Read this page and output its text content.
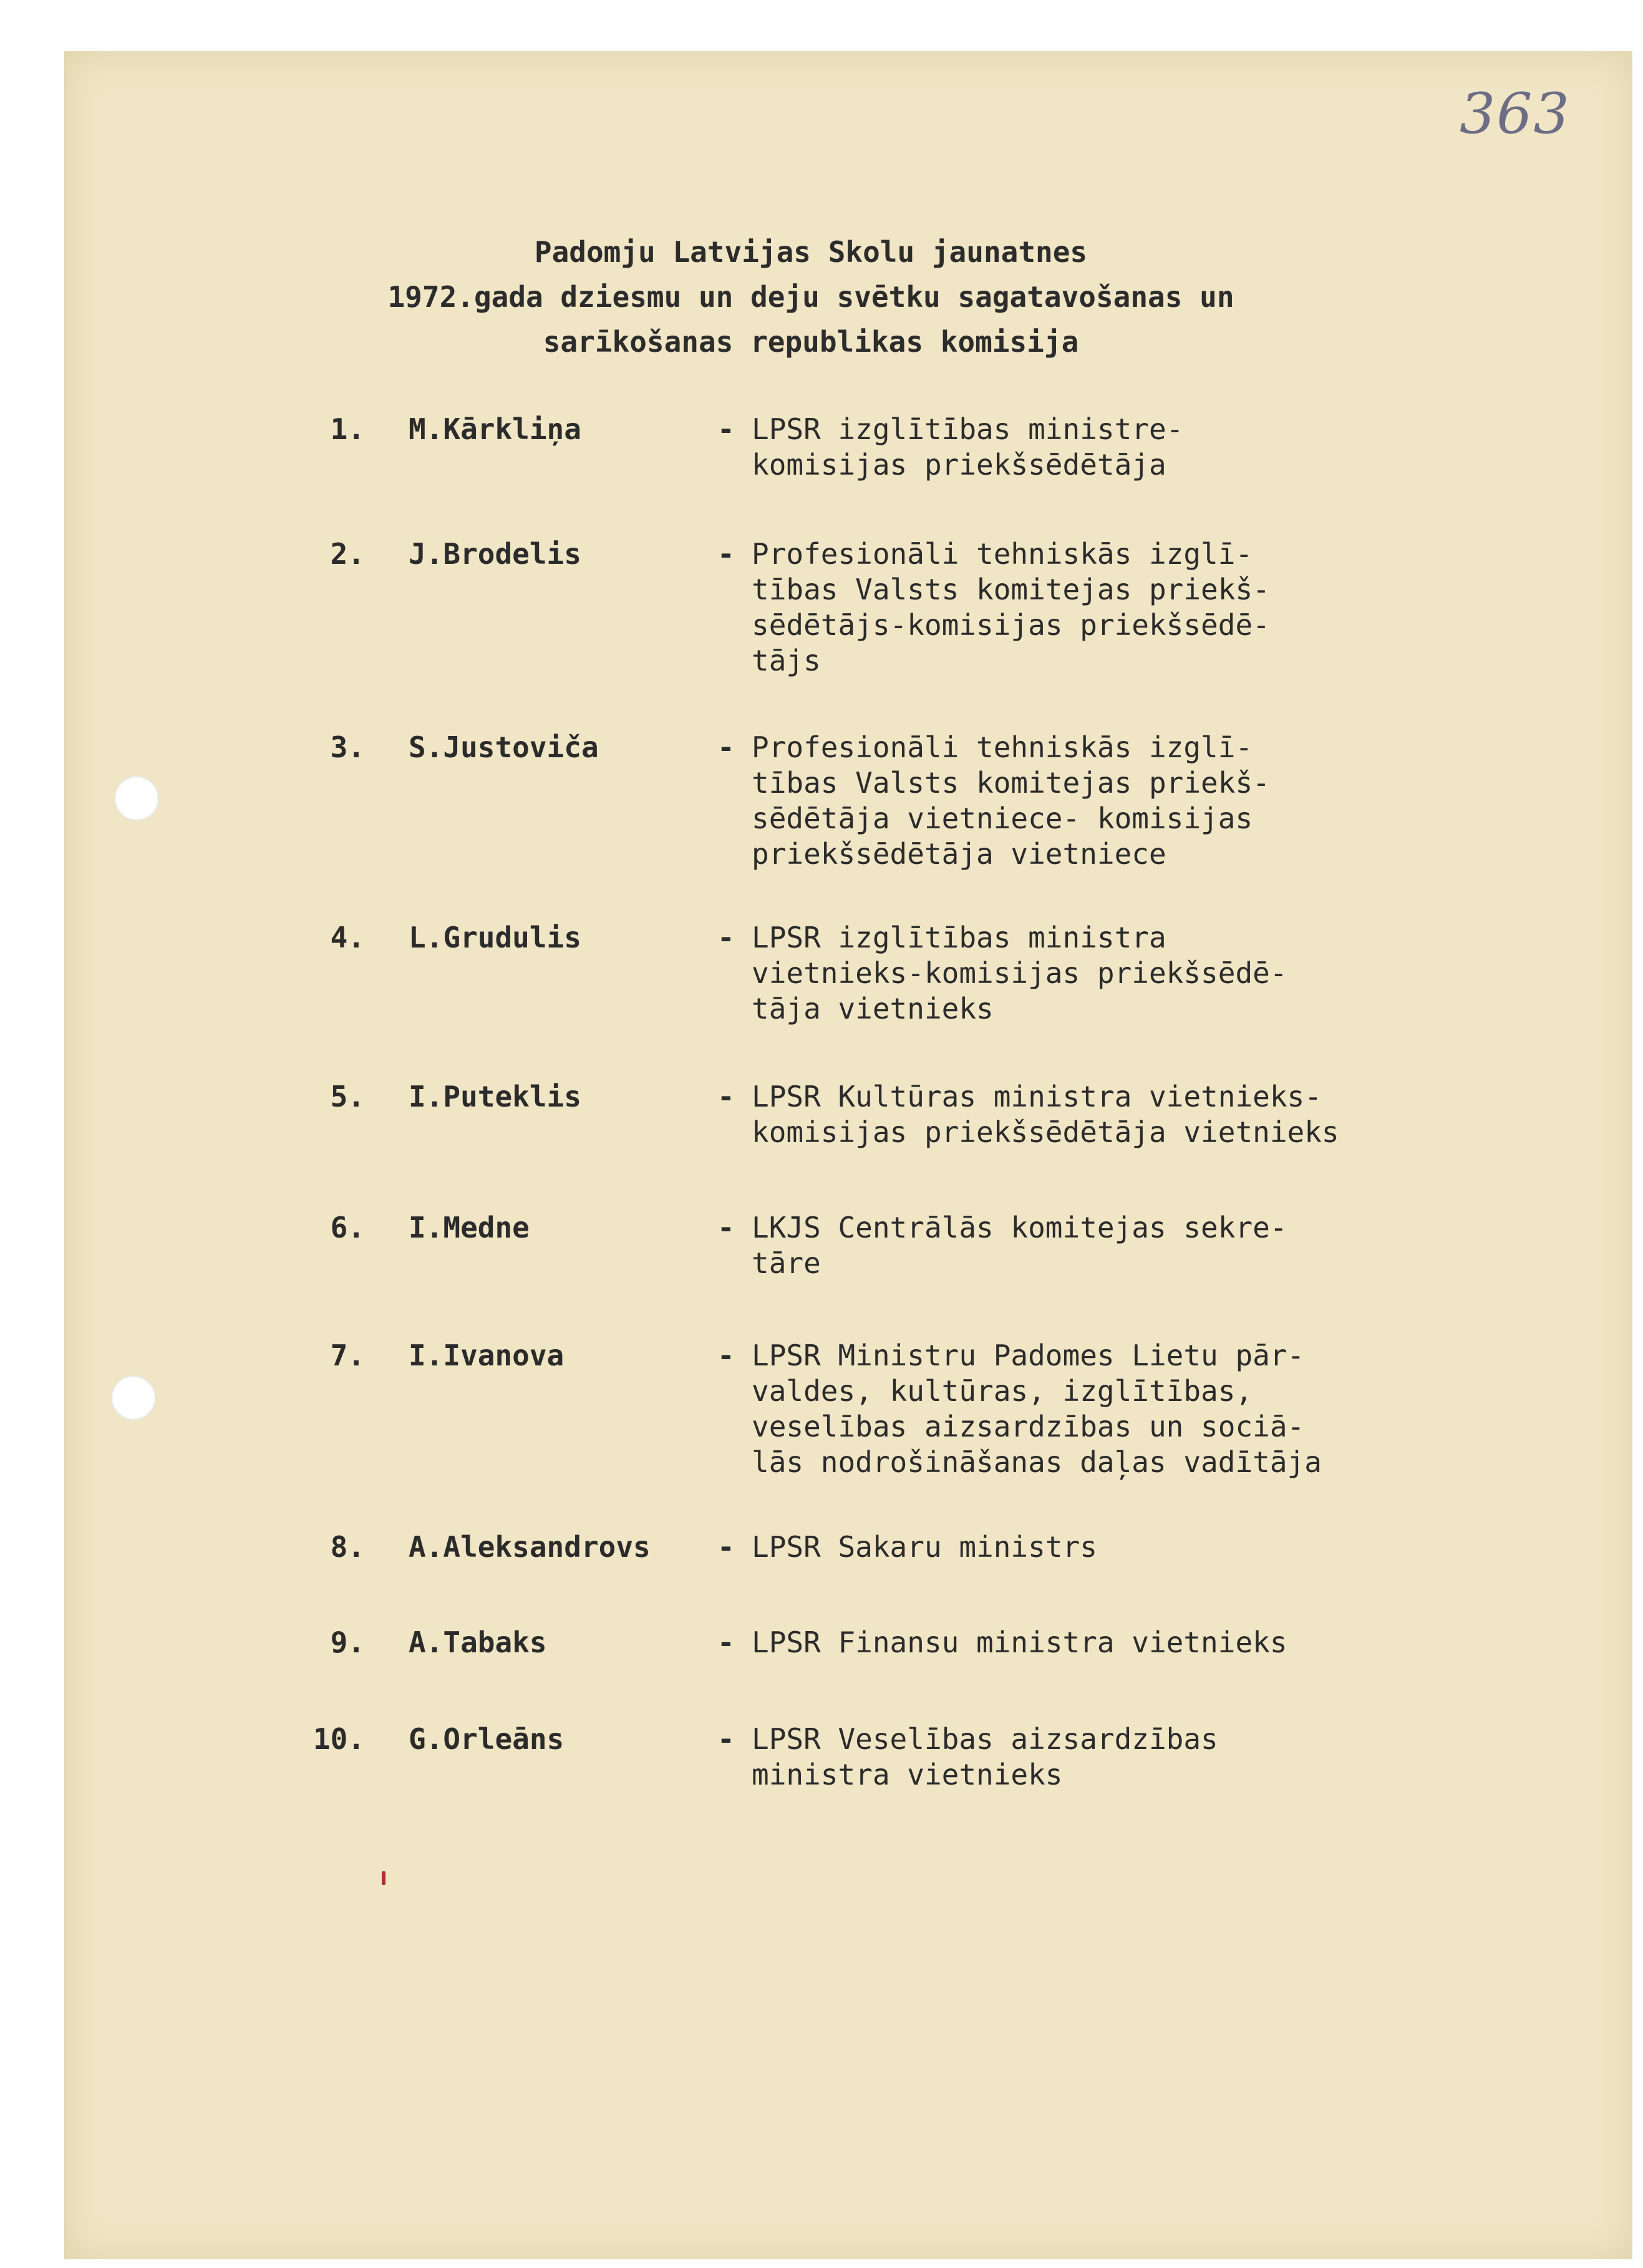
363
Padomju Latvijas Skolu jaunatnes
1972.gada dziesmu un deju svētku sagatavošanas un
sarīkošanas republikas komisija
1. M.Kārkliņa	- LPSR izglītības ministre-
komisijas priekšsēdētāja
2. J.Brodelis	- Profesionāli tehniskās izglī-
tības Valsts komitejas priekš-
sēdētājs-komisijas priekšsēdē-
tājs
3. S.Justoviča	- Profesionāli tehniskās izglī-
tības Valsts komitejas priekš-
sēdētāja vietniece- komisijas
priekšsēdētāja vietniece
4. L.Grudulis	- LPSR izglītības ministra
vietnieks-komisijas priekšsēdē-
tāja vietnieks
5. I.Puteklis	- LPSR Kultūras ministra vietnieks-
komisijas priekšsēdētāja vietnieks
6. I.Medne	- LKJS Centrālās komitejas sekre-
tāre
7. I.Ivanova	- LPSR Ministru Padomes Lietu pār-
valdes, kultūras, izglītības,
veselības aizsardzības un sociā-
lās nodrošināšanas daļas vadītāja
8. A.Aleksandrovs - LPSR Sakaru ministrs
9. A.Tabaks	- LPSR Finansu ministra vietnieks
10. G.Orleāns	- LPSR Veselības aizsardzības
ministra vietnieks
